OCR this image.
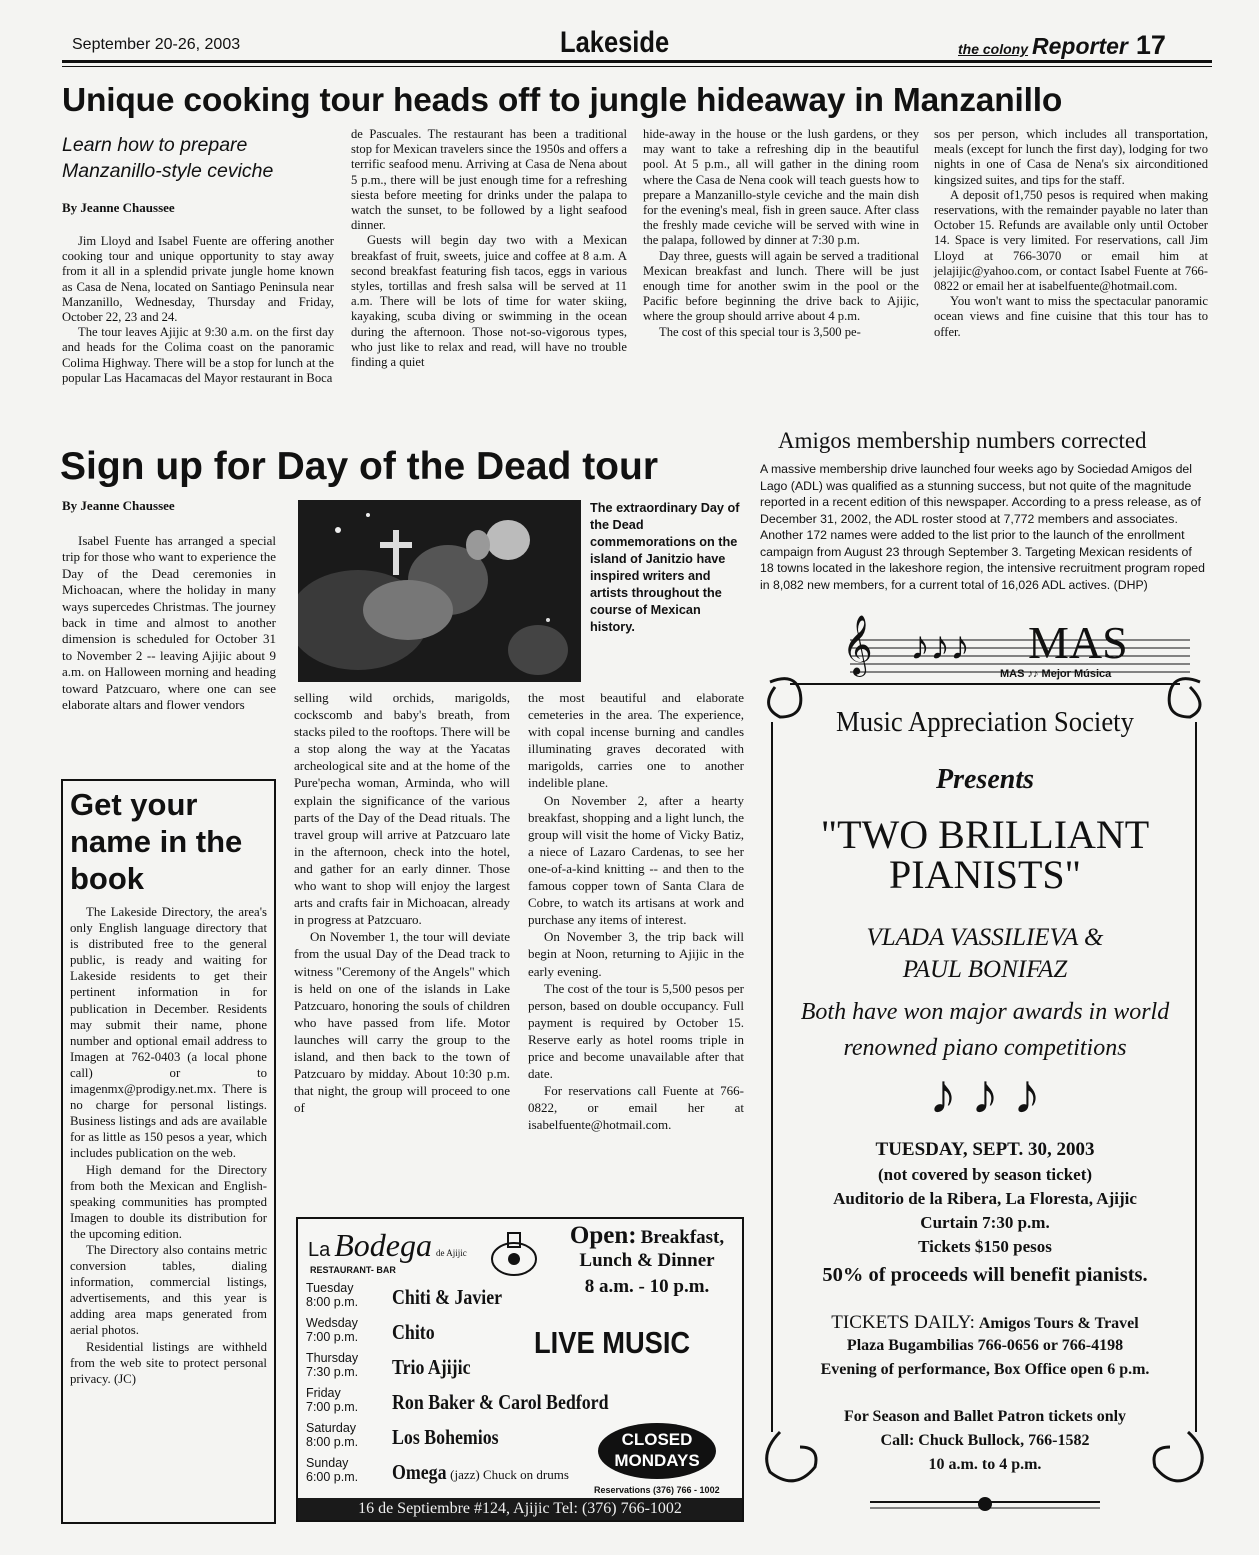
September 20-26, 2003	Lakeside	the colony Reporter 17
Unique cooking tour heads off to jungle hideaway in Manzanillo
Learn how to prepare Manzanillo-style ceviche
By Jeanne Chaussee

Jim Lloyd and Isabel Fuente are offering another cooking tour and unique opportunity to stay away from it all in a splendid private jungle home known as Casa de Nena, located on Santiago Peninsula near Manzanillo, Wednesday, Thursday and Friday, October 22, 23 and 24.

The tour leaves Ajijic at 9:30 a.m. on the first day and heads for the Colima coast on the panoramic Colima Highway. There will be a stop for lunch at the popular Las Hacamacas del Mayor restaurant in Boca

de Pascuales. The restaurant has been a traditional stop for Mexican travelers since the 1950s and offers a terrific seafood menu. Arriving at Casa de Nena about 5 p.m., there will be just enough time for a refreshing siesta before meeting for drinks under the palapa to watch the sunset, to be followed by a light seafood dinner.

Guests will begin day two with a Mexican breakfast of fruit, sweets, juice and coffee at 8 a.m. A second breakfast featuring fish tacos, eggs in various styles, tortillas and fresh salsa will be served at 11 a.m. There will be lots of time for water skiing, kayaking, scuba diving or swimming in the ocean during the afternoon. Those not-so-vigorous types, who just like to relax and read, will have no trouble finding a quiet

hide-away in the house or the lush gardens, or they may want to take a refreshing dip in the beautiful pool. At 5 p.m., all will gather in the dining room where the Casa de Nena cook will teach guests how to prepare a Manzanillo-style ceviche and the main dish for the evening's meal, fish in green sauce. After class the freshly made ceviche will be served with wine in the palapa, followed by dinner at 7:30 p.m.

Day three, guests will again be served a traditional Mexican breakfast and lunch. There will be just enough time for another swim in the pool or the Pacific before beginning the drive back to Ajijic, where the group should arrive about 4 p.m.

The cost of this special tour is 3,500 pe-

sos per person, which includes all transportation, meals (except for lunch the first day), lodging for two nights in one of Casa de Nena's six airconditioned kingsized suites, and tips for the staff.

A deposit of1,750 pesos is required when making reservations, with the remainder payable no later than October 15. Refunds are available only until October 14. Space is very limited. For reservations, call Jim Lloyd at 766-3070 or email him at jelajijic@yahoo.com, or contact Isabel Fuente at 766-0822 or email her at isabelfuente@hotmail.com.

You won't want to miss the spectacular panoramic ocean views and fine cuisine that this tour has to offer.

Sign up for Day of the Dead tour
By Jeanne Chaussee

Isabel Fuente has arranged a special trip for those who want to experience the Day of the Dead ceremonies in Michoacan, where the holiday in many ways supercedes Christmas. The journey back in time and almost to another dimension is scheduled for October 31 to November 2 -- leaving Ajijic about 9 a.m. on Halloween morning and heading toward Patzcuaro, where one can see elaborate altars and flower vendors

The extraordinary Day of the Dead commemorations on the island of Janitzio have inspired writers and artists throughout the course of Mexican history.

selling wild orchids, marigolds, cockscomb and baby's breath, from stacks piled to the rooftops. There will be a stop along the way at the Yacatas archeological site and at the home of the Pure'pecha woman, Arminda, who will explain the significance of the various parts of the Day of the Dead rituals. The travel group will arrive at Patzcuaro late in the afternoon, check into the hotel, and gather for an early dinner. Those who want to shop will enjoy the largest arts and crafts fair in Michoacan, already in progress at Patzcuaro.

On November 1, the tour will deviate from the usual Day of the Dead track to witness "Ceremony of the Angels" which is held on one of the islands in Lake Patzcuaro, honoring the souls of children who have passed from life. Motor launches will carry the group to the island, and then back to the town of Patzcuaro by midday. About 10:30 p.m. that night, the group will proceed to one of

the most beautiful and elaborate cemeteries in the area. The experience, with copal incense burning and candles illuminating graves decorated with marigolds, carries one to another indelible plane.

On November 2, after a hearty breakfast, shopping and a light lunch, the group will visit the home of Vicky Batiz, a niece of Lazaro Cardenas, to see her one-of-a-kind knitting -- and then to the famous copper town of Santa Clara de Cobre, to watch its artisans at work and purchase any items of interest.

On November 3, the trip back will begin at Noon, returning to Ajijic in the early evening.

The cost of the tour is 5,500 pesos per person, based on double occupancy. Full payment is required by October 15. Reserve early as hotel rooms triple in price and become unavailable after that date.

For reservations call Fuente at 766-0822, or email her at isabelfuente@hotmail.com.

Get your name in the book

The Lakeside Directory, the area's only English language directory that is distributed free to the general public, is ready and waiting for Lakeside residents to get their pertinent information in for publication in December. Residents may submit their name, phone number and optional email address to Imagen at 762-0403 (a local phone call) or to imagenmx@prodigy.net.mx. There is no charge for personal listings. Business listings and ads are available for as little as 150 pesos a year, which includes publication on the web.

High demand for the Directory from both the Mexican and English-speaking communities has prompted Imagen to double its distribution for the upcoming edition.

The Directory also contains metric conversion tables, dialing information, commercial listings, advertisements, and this year is adding area maps generated from aerial photos.

Residential listings are withheld from the web site to protect personal privacy. (JC)

Amigos membership numbers corrected
A massive membership drive launched four weeks ago by Sociedad Amigos del Lago (ADL) was qualified as a stunning success, but not quite of the magnitude reported in a recent edition of this newspaper. According to a press release, as of December 31, 2002, the ADL roster stood at 7,772 members and associates. Another 172 names were added to the list prior to the launch of the enrollment campaign from August 23 through September 3. Targeting Mexican residents of 18 towns located in the lakeshore region, the intensive recruitment program roped in 8,082 new members, for a current total of 16,026 ADL actives. (DHP)
𝄞 ♪♪♪ MAS
MAS ♪♪ Mejor Música
Music Appreciation Society
Presents
"TWO BRILLIANT PIANISTS"
VLADA VASSILIEVA & PAUL BONIFAZ
Both have won major awards in world renowned piano competitions
♪ ♪ ♪
TUESDAY, SEPT. 30, 2003
(not covered by season ticket)
Auditorio de la Ribera, La Floresta, Ajijic
Curtain 7:30 p.m.
Tickets $150 pesos
50% of proceeds will benefit pianists.
TICKETS DAILY: Amigos Tours & Travel
Plaza Bugambilias 766-0656 or 766-4198
Evening of performance, Box Office open 6 p.m.
For Season and Ballet Patron tickets only
Call: Chuck Bullock, 766-1582
10 a.m. to 4 p.m.
La Bodega de Ajijic
RESTAURANT- BAR
Open: Breakfast, Lunch & Dinner
8 a.m. - 10 p.m.
LIVE MUSIC
CLOSED MONDAYS
Tuesday
8:00 p.m.	Chiti & Javier
Wedsday
7:00 p.m.	Chito
Thursday
7:30 p.m.	Trio Ajijic
Friday
7:00 p.m.	Ron Baker & Carol Bedford
Saturday
8:00 p.m.	Los Bohemios
Sunday
6:00 p.m.	Omega (jazz) Chuck on drums
Reservations (376) 766 - 1002
16 de Septiembre #124, Ajijic Tel: (376) 766-1002
